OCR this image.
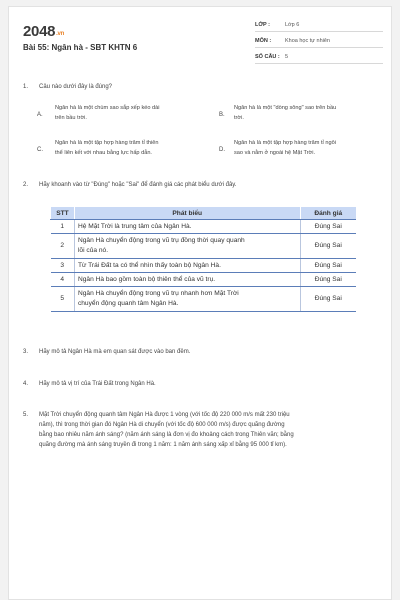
2048.vn
Bài 55: Ngân hà - SBT KHTN 6
LỚP :	Lớp 6
MÔN :	Khoa học tự nhiên
SỐ CÂU : 5
1. Câu nào dưới đây là đúng?
A.
Ngân hà là một chùm sao sắp xếp kéo dài
trên bầu trời.	B.
Ngân hà là một "dòng sông" sao trên bầu
trời.
C.
Ngân hà là một tập hợp hàng trăm tỉ thiên
thể liên kết với nhau bằng lực hấp dẫn.	D.
Ngân hà là một tập hợp hàng trăm tỉ ngôi
sao và nằm ở ngoài hệ Mặt Trời.
2. Hãy khoanh vào từ "Đúng" hoặc "Sai" để đánh giá các phát biểu dưới đây.
STT	Phát biểu	Đánh giá
1	Hệ Mặt Trời là trung tâm của Ngân Hà.	Đúng Sai
2	Ngân Hà chuyển động trong vũ trụ đồng thời quay quanh
lõi của nó.	Đúng Sai
3	Từ Trái Đất ta có thể nhìn thấy toàn bộ Ngân Hà.	Đúng Sai
4	Ngân Hà bao gồm toàn bộ thiên thể của vũ trụ.	Đúng Sai
5	Ngân Hà chuyển động trong vũ trụ nhanh hơn Mặt Trời
chuyển động quanh tâm Ngân Hà.	Đúng Sai
3. Hãy mô tả Ngân Hà mà em quan sát được vào ban đêm.
4. Hãy mô tả vị trí của Trái Đất trong Ngân Hà.
5. Mặt Trời chuyển động quanh tâm Ngân Hà được 1 vòng (với tốc độ 220 000 m/s mất 230 triệu
năm), thì trong thời gian đó Ngân Hà di chuyển (với tốc độ 600 000 m/s) được quãng đường
bằng bao nhiêu năm ánh sáng? (năm ánh sáng là đơn vị đo khoảng cách trong Thiên văn; bằng
quãng đường mà ánh sáng truyền đi trong 1 năm: 1 năm ánh sáng xấp xỉ bằng 95 000 tỉ km).
